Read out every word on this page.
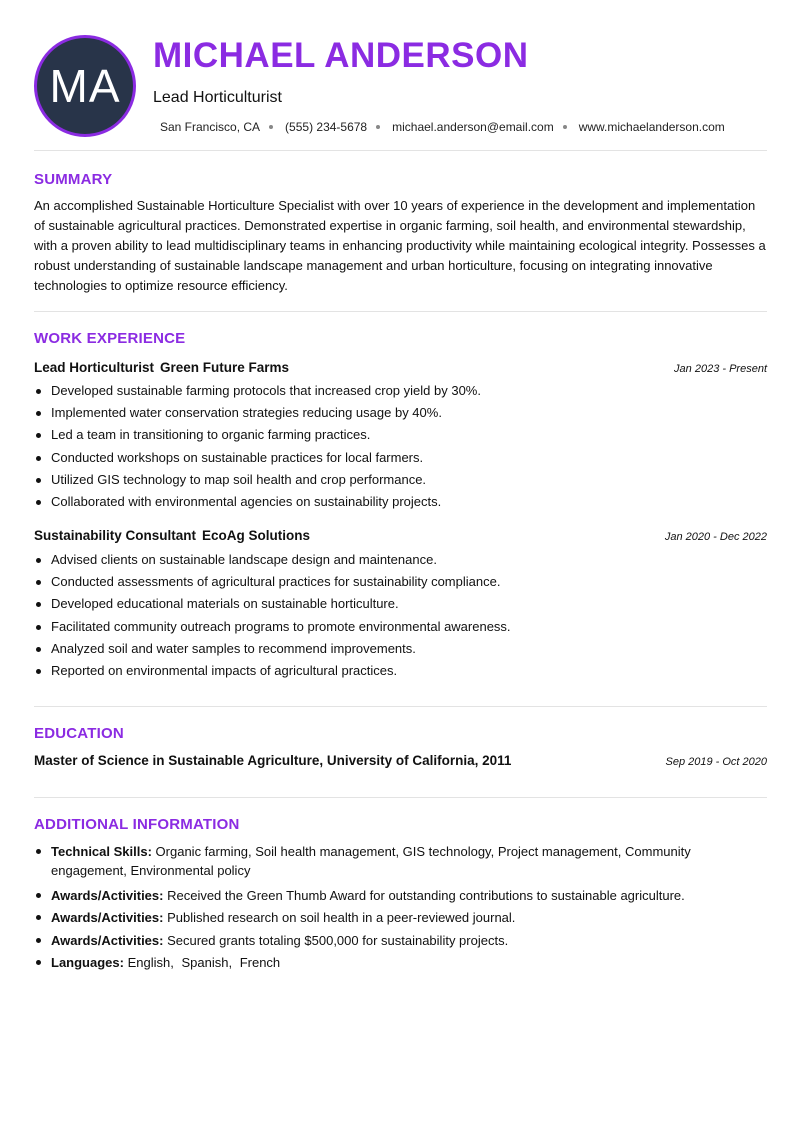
MA
MICHAEL ANDERSON
Lead Horticulturist
San Francisco, CA (555) 234-5678 michael.anderson@email.com www.michaelanderson.com
SUMMARY
An accomplished Sustainable Horticulture Specialist with over 10 years of experience in the development and implementation of sustainable agricultural practices. Demonstrated expertise in organic farming, soil health, and environmental stewardship, with a proven ability to lead multidisciplinary teams in enhancing productivity while maintaining ecological integrity. Possesses a robust understanding of sustainable landscape management and urban horticulture, focusing on integrating innovative technologies to optimize resource efficiency.
WORK EXPERIENCE
Lead Horticulturist Green Future Farms	Jan 2023 - Present
Developed sustainable farming protocols that increased crop yield by 30%.
Implemented water conservation strategies reducing usage by 40%.
Led a team in transitioning to organic farming practices.
Conducted workshops on sustainable practices for local farmers.
Utilized GIS technology to map soil health and crop performance.
Collaborated with environmental agencies on sustainability projects.
Sustainability Consultant EcoAg Solutions	Jan 2020 - Dec 2022
Advised clients on sustainable landscape design and maintenance.
Conducted assessments of agricultural practices for sustainability compliance.
Developed educational materials on sustainable horticulture.
Facilitated community outreach programs to promote environmental awareness.
Analyzed soil and water samples to recommend improvements.
Reported on environmental impacts of agricultural practices.
EDUCATION
Master of Science in Sustainable Agriculture, University of California, 2011	Sep 2019 - Oct 2020
ADDITIONAL INFORMATION
Technical Skills: Organic farming, Soil health management, GIS technology, Project management, Community engagement, Environmental policy
Awards/Activities: Received the Green Thumb Award for outstanding contributions to sustainable agriculture.
Awards/Activities: Published research on soil health in a peer-reviewed journal.
Awards/Activities: Secured grants totaling $500,000 for sustainability projects.
Languages: English, Spanish, French
